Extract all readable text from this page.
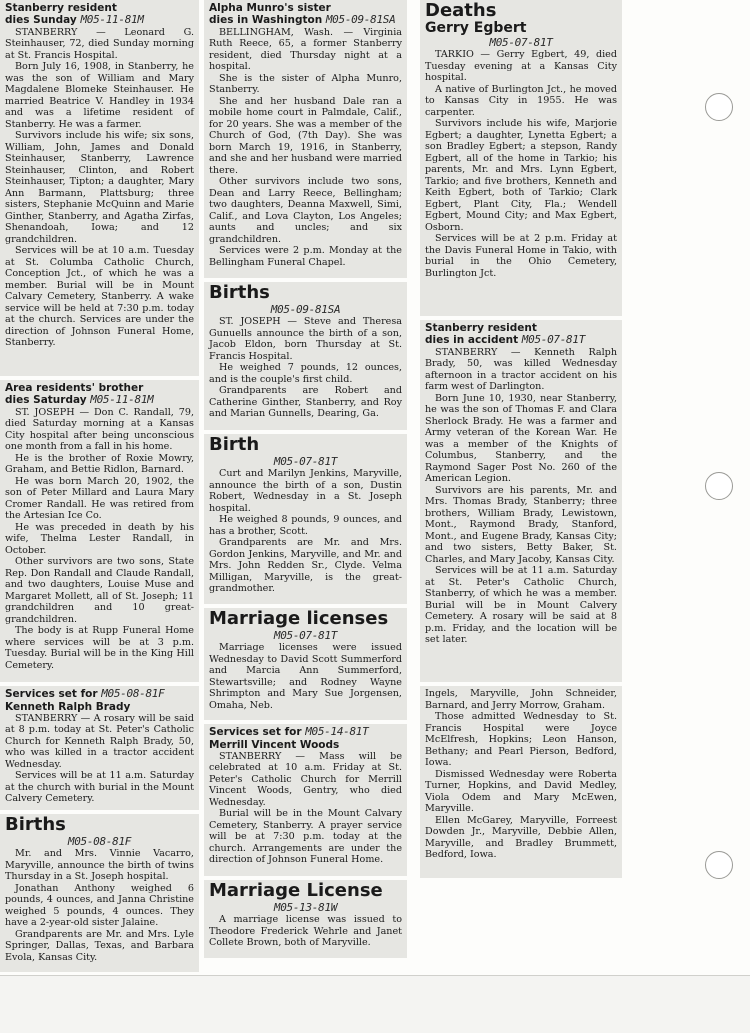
Stanberry resident
dies Sunday M05-11-81M

STANBERRY — Leonard G. Steinhauser, 72, died Sunday morning at St. Francis Hospital.

Born July 16, 1908, in Stanberry, he was the son of William and Mary Magdalene Blomeke Steinhauser. He married Beatrice V. Handley in 1934 and was a lifetime resident of Stanberry. He was a farmer.

Survivors include his wife; six sons, William, John, James and Donald Steinhauser, Stanberry, Lawrence Steinhauser, Clinton, and Robert Steinhauser, Tipton; a daughter, Mary Ann Barmann, Plattsburg; three sisters, Stephanie McQuinn and Marie Ginther, Stanberry, and Agatha Zirfas, Shenandoah, Iowa; and 12 grandchildren.

Services will be at 10 a.m. Tuesday at St. Columba Catholic Church, Conception Jct., of which he was a member. Burial will be in Mount Calvary Cemetery, Stanberry. A wake service will be held at 7:30 p.m. today at the church. Services are under the direction of Johnson Funeral Home, Stanberry.

Area residents' brother
dies Saturday M05-11-81M

ST. JOSEPH — Don C. Randall, 79, died Saturday morning at a Kansas City hospital after being unconscious one month from a fall in his home.

He is the brother of Roxie Mowry, Graham, and Bettie Ridlon, Barnard.

He was born March 20, 1902, the son of Peter Millard and Laura Mary Cromer Randall. He was retired from the Artesian Ice Co.

He was preceded in death by his wife, Thelma Lester Randall, in October.

Other survivors are two sons, State Rep. Don Randall and Claude Randall, and two daughters, Louise Muse and Margaret Mollett, all of St. Joseph; 11 grandchildren and 10 great-grandchildren.

The body is at Rupp Funeral Home where services will be at 3 p.m. Tuesday. Burial will be in the King Hill Cemetery.

Services set for M05-08-81F
Kenneth Ralph Brady

STANBERRY — A rosary will be said at 8 p.m. today at St. Peter's Catholic Church for Kenneth Ralph Brady, 50, who was killed in a tractor accident Wednesday.

Services will be at 11 a.m. Saturday at the church with burial in the Mount Calvery Cemetery.

Births
M05-08-81F

Mr. and Mrs. Vinnie Vacarro, Maryville, announce the birth of twins Thursday in a St. Joseph hospital.

Jonathan Anthony weighed 6 pounds, 4 ounces, and Janna Christine weighed 5 pounds, 4 ounces. They have a 2-year-old sister Jalaine.

Grandparents are Mr. and Mrs. Lyle Springer, Dallas, Texas, and Barbara Evola, Kansas City.

Alpha Munro's sister
dies in Washington M05-09-81SA

BELLINGHAM, Wash. — Virginia Ruth Reece, 65, a former Stanberry resident, died Thursday night at a hospital.

She is the sister of Alpha Munro, Stanberry.

She and her husband Dale ran a mobile home court in Palmdale, Calif., for 20 years. She was a member of the Church of God, (7th Day). She was born March 19, 1916, in Stanberry, and she and her husband were married there.

Other survivors include two sons, Dean and Larry Reece, Bellingham; two daughters, Deanna Maxwell, Simi, Calif., and Lova Clayton, Los Angeles; aunts and uncles; and six grandchildren.

Services were 2 p.m. Monday at the Bellingham Funeral Chapel.

Births
M05-09-81SA

ST. JOSEPH — Steve and Theresa Gunuells announce the birth of a son, Jacob Eldon, born Thursday at St. Francis Hospital.

He weighed 7 pounds, 12 ounces, and is the couple's first child.

Grandparents are Robert and Catherine Ginther, Stanberry, and Roy and Marian Gunnells, Dearing, Ga.

Birth
M05-07-81T

Curt and Marilyn Jenkins, Maryville, announce the birth of a son, Dustin Robert, Wednesday in a St. Joseph hospital.

He weighed 8 pounds, 9 ounces, and has a brother, Scott.

Grandparents are Mr. and Mrs. Gordon Jenkins, Maryville, and Mr. and Mrs. John Redden Sr., Clyde. Velma Milligan, Maryville, is the great-grandmother.

Marriage licenses
M05-07-81T

Marriage licenses were issued Wednesday to David Scott Summerford and Marcia Ann Summerford, Stewartsville; and Rodney Wayne Shrimpton and Mary Sue Jorgensen, Omaha, Neb.

Services set for M05-14-81T
Merrill Vincent Woods

STANBERRY — Mass will be celebrated at 10 a.m. Friday at St. Peter's Catholic Church for Merrill Vincent Woods, Gentry, who died Wednesday.

Burial will be in the Mount Calvary Cemetery, Stanberry. A prayer service will be at 7:30 p.m. today at the church. Arrangements are under the direction of Johnson Funeral Home.

Marriage License
M05-13-81W

A marriage license was issued to Theodore Frederick Wehrle and Janet Collete Brown, both of Maryville.

Deaths
Gerry Egbert
M05-07-81T

TARKIO — Gerry Egbert, 49, died Tuesday evening at a Kansas City hospital.

A native of Burlington Jct., he moved to Kansas City in 1955. He was carpenter.

Survivors include his wife, Marjorie Egbert; a daughter, Lynetta Egbert; a son Bradley Egbert; a stepson, Randy Egbert, all of the home in Tarkio; his parents, Mr. and Mrs. Lynn Egbert, Tarkio; and five brothers, Kenneth and Keith Egbert, both of Tarkio; Clark Egbert, Plant City, Fla.; Wendell Egbert, Mound City; and Max Egbert, Osborn.

Services will be at 2 p.m. Friday at the Davis Funeral Home in Takio, with burial in the Ohio Cemetery, Burlington Jct.

Stanberry resident
dies in accident M05-07-81T

STANBERRY — Kenneth Ralph Brady, 50, was killed Wednesday afternoon in a tractor accident on his farm west of Darlington.

Born June 10, 1930, near Stanberry, he was the son of Thomas F. and Clara Sherlock Brady. He was a farmer and Army veteran of the Korean War. He was a member of the Knights of Columbus, Stanberry, and the Raymond Sager Post No. 260 of the American Legion.

Survivors are his parents, Mr. and Mrs. Thomas Brady, Stanberry; three brothers, William Brady, Lewistown, Mont., Raymond Brady, Stanford, Mont., and Eugene Brady, Kansas City; and two sisters, Betty Baker, St. Charles, and Mary Jacoby, Kansas City.

Services will be at 11 a.m. Saturday at St. Peter's Catholic Church, Stanberry, of which he was a member. Burial will be in Mount Calvery Cemetery. A rosary will be said at 8 p.m. Friday, and the location will be set later.

Ingels, Maryville, John Schneider, Barnard, and Jerry Morrow, Graham.

Those admitted Wednesday to St. Francis Hospital were Joyce McElfresh, Hopkins; Leon Hanson, Bethany; and Pearl Pierson, Bedford, Iowa.

Dismissed Wednesday were Roberta Turner, Hopkins, and David Medley, Viola Odem and Mary McEwen, Maryville.

Ellen McGarey, Maryville, Forreest Dowden Jr., Maryville, Debbie Allen, Maryville, and Bradley Brummett, Bedford, Iowa.
